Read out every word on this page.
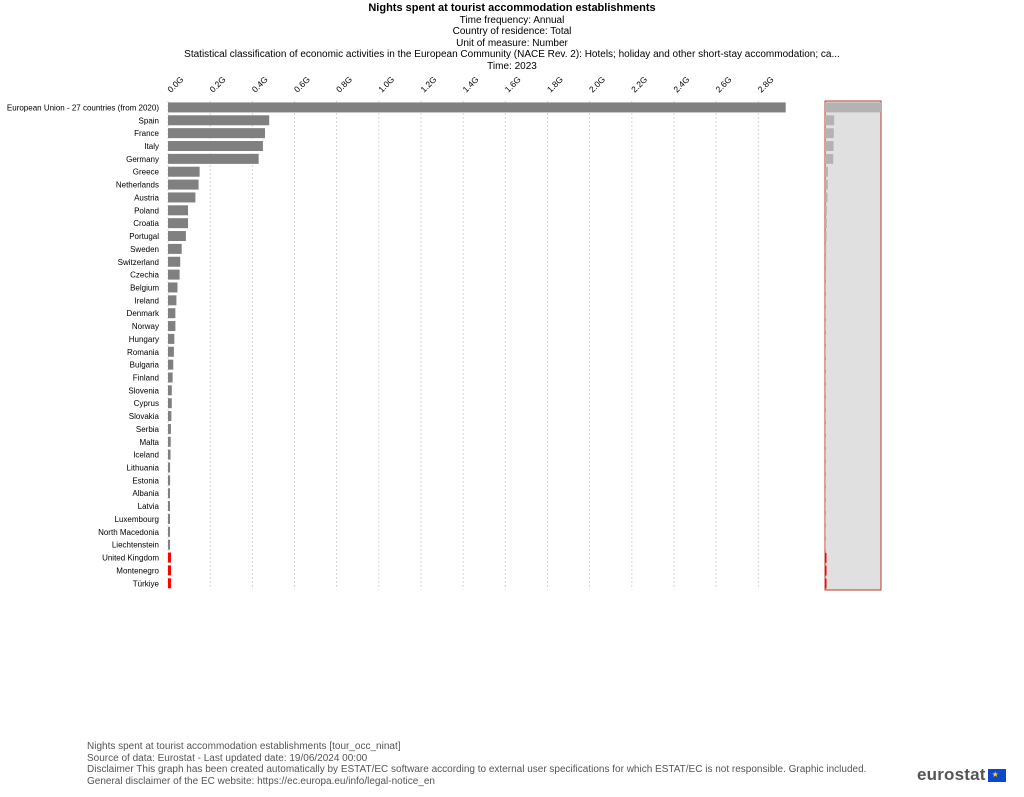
Nights spent at tourist accommodation establishments
Time frequency: Annual
Country of residence: Total
Unit of measure: Number
Statistical classification of economic activities in the European Community (NACE Rev. 2): Hotels; holiday and other short-stay accommodation; ca...
Time: 2023
0.0G	0.2G	0.4G	0.6G	0.8G	1.0G	1.2G	1.4G	1.6G	1.8G	2.0G	2.2G	2.4G	2.6G	2.8G
European Union - 27 countries (from 2020)
Spain
France
Italy
Germany
Greece
Netherlands
Austria
Poland
Croatia
Portugal
Sweden
Switzerland
Czechia
Belgium
Ireland
Denmark
Norway
Hungary
Romania
Bulgaria
Finland
Slovenia
Cyprus
Slovakia
Serbia
Malta
Iceland
Lithuania
Estonia
Albania
Latvia
Luxembourg
North Macedonia
Liechtenstein
United Kingdom
Montenegro
Türkiye
Nights spent at tourist accommodation establishments [tour_occ_ninat]
Source of data: Eurostat - Last updated date: 19/06/2024 00:00
Disclaimer This graph has been created automatically by ESTAT/EC software according to external user specifications for which ESTAT/EC is not responsible. Graphic included.
General disclaimer of the EC website: https://ec.europa.eu/info/legal-notice_en	eurostat ★
